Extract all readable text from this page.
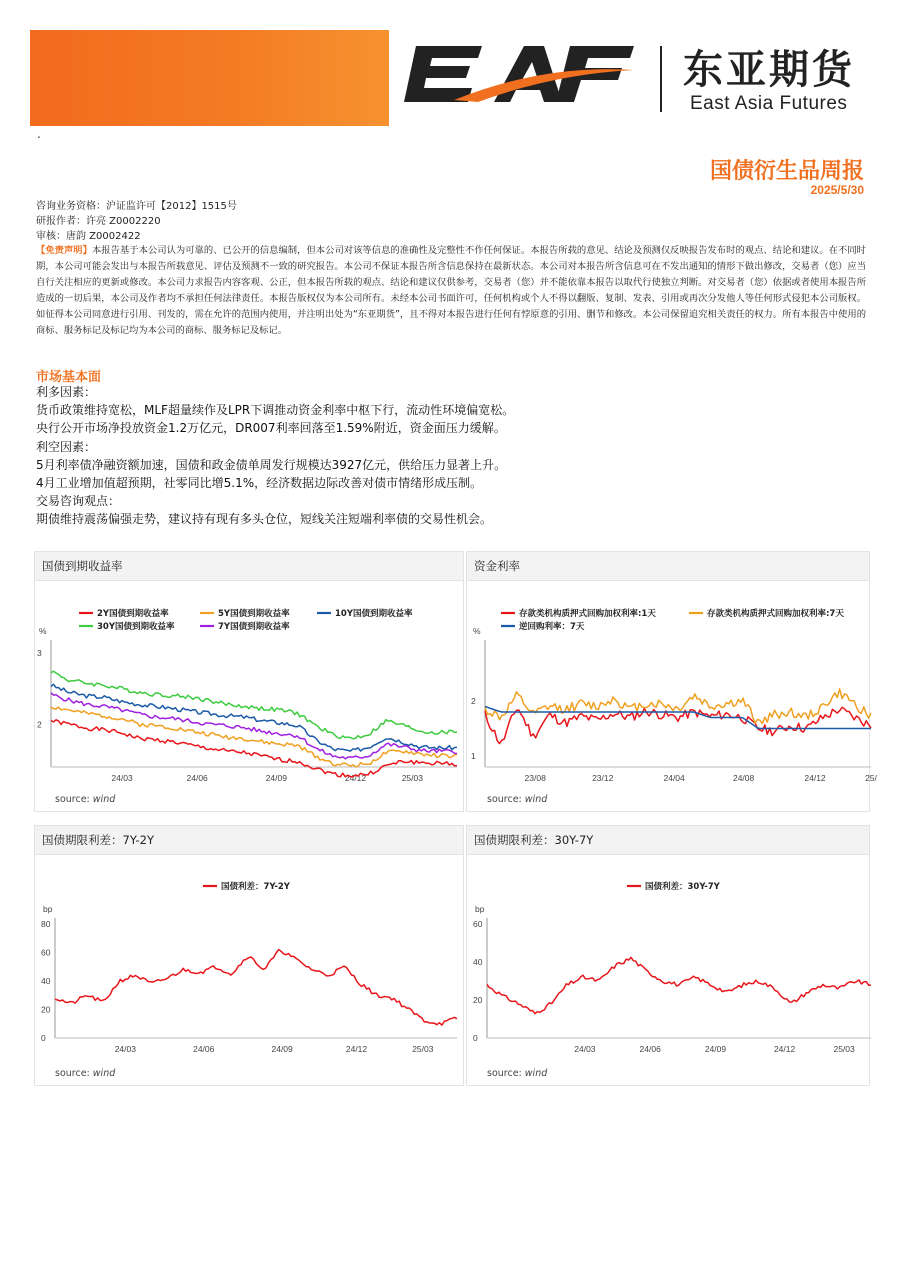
.
东亚期货
East Asia Futures
国债衍生品周报
2025/5/30
咨询业务资格：沪证监许可【2012】1515号
研报作者：许亮 Z0002220
审核：唐韵 Z0002422
【免责声明】本报告基于本公司认为可靠的、已公开的信息编制，但本公司对该等信息的准确性及完整性不作任何保证。本报告所载的意见、结论及预测仅反映报告发布时的观点、结论和建议。在不同时期，本公司可能会发出与本报告所载意见、评估及预测不一致的研究报告。本公司不保证本报告所含信息保持在最新状态。本公司对本报告所含信息可在不发出通知的情形下做出修改，交易者（您）应当自行关注相应的更新或修改。本公司力求报告内容客观、公正，但本报告所载的观点、结论和建议仅供参考，交易者（您）并不能依靠本报告以取代行使独立判断。对交易者（您）依据或者使用本报告所造成的一切后果，本公司及作者均不承担任何法律责任。本报告版权仅为本公司所有。未经本公司书面许可，任何机构或个人不得以翻版、复制、发表、引用或再次分发他人等任何形式侵犯本公司版权。如征得本公司同意进行引用、刊发的，需在允许的范围内使用，并注明出处为“东亚期货”，且不得对本报告进行任何有悖原意的引用、删节和修改。本公司保留追究相关责任的权力。所有本报告中使用的商标、服务标记及标记均为本公司的商标、服务标记及标记。
市场基本面
利多因素：
货币政策维持宽松，MLF超量续作及LPR下调推动资金利率中枢下行，流动性环境偏宽松。
央行公开市场净投放资金1.2万亿元，DR007利率回落至1.59%附近，资金面压力缓解。
利空因素：
5月利率债净融资额加速，国债和政金债单周发行规模达3927亿元，供给压力显著上升。
4月工业增加值超预期，社零同比增5.1%，经济数据边际改善对债市情绪形成压制。
交易咨询观点：
期债维持震荡偏强走势，建议持有现有多头仓位，短线关注短端利率债的交易性机会。
国债到期收益率
%
3
2
24/03	24/06	24/09	24/12	25/03
2Y国债到期收益率	5Y国债到期收益率	10Y国债到期收益率
30Y国债到期收益率	7Y国债到期收益率
source: wind
资金利率
%
2
1
23/08	23/12	24/04	24/08	24/12	25/
存款类机构质押式回购加权利率:1天	存款类机构质押式回购加权利率:7天
逆回购利率：7天
source: wind
国债期限利差：7Y-2Y
bp
80
60
40
20
0
24/03	24/06	24/09	24/12	25/03
国债利差：7Y-2Y
source: wind
国债期限利差：30Y-7Y
bp
60
40
20
0
24/03	24/06	24/09	24/12	25/03
国债利差：30Y-7Y
source: wind
